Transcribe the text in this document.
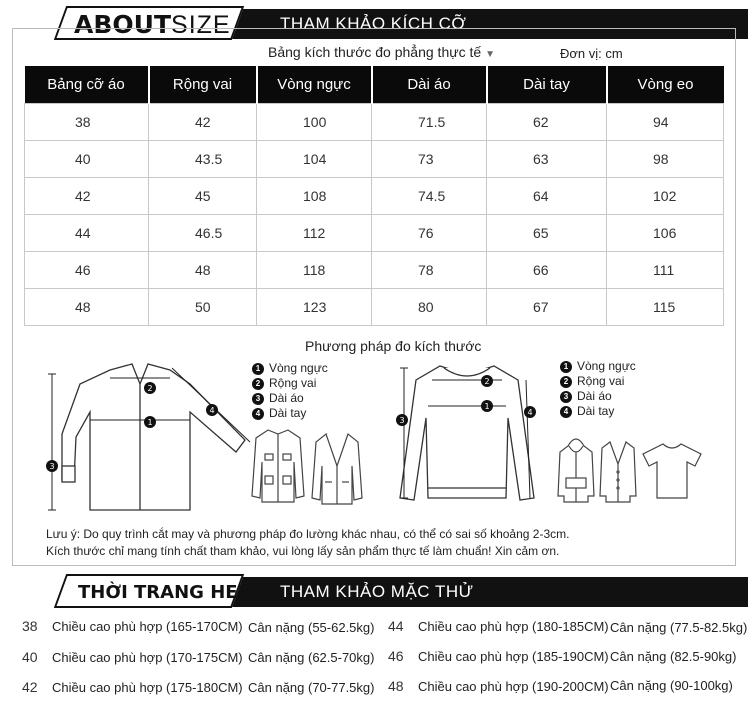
ABOUTSIZE	THAM KHẢO KÍCH CỠ
Bảng kích thước đo phẳng thực tế ▼	Đơn vị: cm
Bảng cỡ áo	Rộng vai	Vòng ngực	Dài áo	Dài tay	Vòng eo
38	42	100	71.5	62	94
40	43.5	104	73	63	98
42	45	108	74.5	64	102
44	46.5	112	76	65	106
46	48	118	78	66	111
48	50	123	80	67	115
Phương pháp đo kích thước
1 Vòng ngực
2 Rộng vai
3 Dài áo
4 Dài tay
1 Vòng ngực
2 Rộng vai
3 Dài áo
4 Dài tay
2
1
3
4
2
1
3
4
Lưu ý: Do quy trình cắt may và phương pháp đo lường khác nhau, có thể có sai số khoảng 2-3cm.
Kích thước chỉ mang tính chất tham khảo, vui lòng lấy sản phẩm thực tế làm chuẩn! Xin cảm ơn.
THỜI TRANG HELLO THAM KHẢO MẶC THỬ
38 Chiều cao phù hợp (165-170CM) Cân nặng (55-62.5kg)
40 Chiều cao phù hợp (170-175CM) Cân nặng (62.5-70kg)
42 Chiều cao phù hợp (175-180CM) Cân nặng (70-77.5kg)
44 Chiều cao phù hợp (180-185CM) Cân nặng (77.5-82.5kg)
46 Chiều cao phù hợp (185-190CM) Cân nặng (82.5-90kg)
48 Chiều cao phù hợp (190-200CM) Cân nặng (90-100kg)
